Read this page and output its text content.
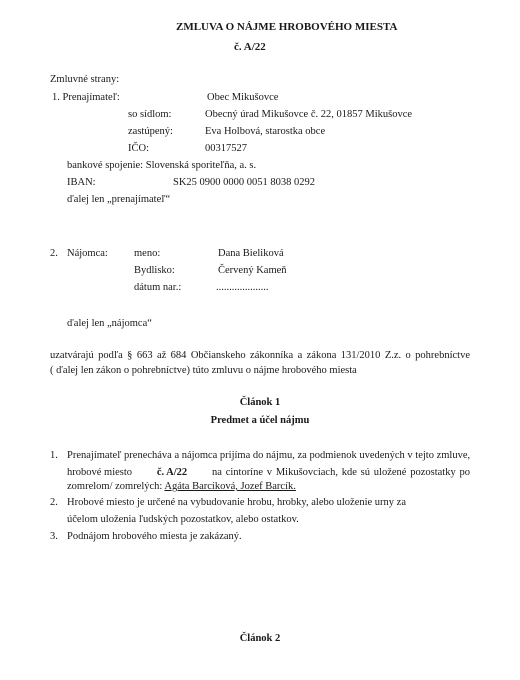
ZMLUVA O NÁJME HROBOVÉHO MIESTA
č. A/22
Zmluvné strany:
1. Prenajímateľ:	Obec Mikušovce
so sídlom:	Obecný úrad Mikušovce č. 22, 01857 Mikušovce
zastúpený:	Eva Holbová, starostka obce
IČO:	00317527
bankové spojenie: Slovenská sporiteľňa, a. s.
IBAN:	SK25 0900 0000 0051 8038 0292
ďalej len „prenajímateľ“
2. Nájomca: meno:	Dana Bieliková
Bydlisko:	Červený Kameň
dátum nar.:	....................
ďalej len „nájomca“
uzatvárajú podľa § 663 až 684 Občianskeho zákonníka a zákona 131/2010 Z.z. o pohrebníctve
( ďalej len zákon o pohrebníctve) túto zmluvu o nájme hrobového miesta
Článok 1
Predmet a účel nájmu
1. Prenajímateľ prenecháva a nájomca prijíma do nájmu, za podmienok uvedených v tejto zmluve,
hrobové miesto č. A/22 na cintoríne v Mikušovciach, kde sú uložené pozostatky po
zomrelom/ zomrelých: Agáta Barcíková, Jozef Barcík.
2. Hrobové miesto je určené na vybudovanie hrobu, hrobky, alebo uloženie urny za
účelom uloženia ľudských pozostatkov, alebo ostatkov.
3. Podnájom hrobového miesta je zakázaný.
Článok 2
